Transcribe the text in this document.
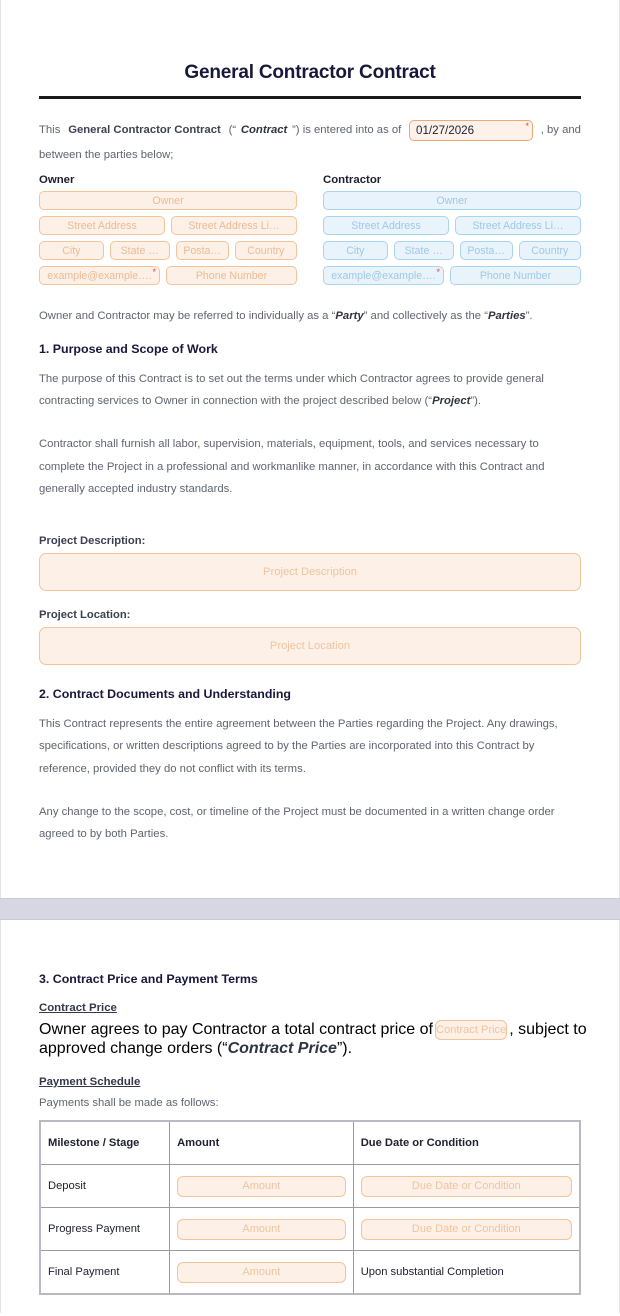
General Contractor Contract
This General Contractor Contract (“ Contract ”) is entered into as of 01/27/2026	* , by and
between the parties below;
Owner
Owner
Street Address	Street Address Li…
City	State …	Posta…	Country
example@example…. *	Phone Number
Contractor
Owner
Street Address	Street Address Li…
City	State …	Posta…	Country
example@example…. *	Phone Number

Owner and Contractor may be referred to individually as a “Party” and collectively as the “Parties”.

1. Purpose and Scope of Work

The purpose of this Contract is to set out the terms under which Contractor agrees to provide general
contracting services to Owner in connection with the project described below (“Project”).

Contractor shall furnish all labor, supervision, materials, equipment, tools, and services necessary to
complete the Project in a professional and workmanlike manner, in accordance with this Contract and
generally accepted industry standards.

Project Description:
Project Description
Project Location:
Project Location
2. Contract Documents and Understanding

This Contract represents the entire agreement between the Parties regarding the Project. Any drawings,
specifications, or written descriptions agreed to by the Parties are incorporated into this Contract by
reference, provided they do not conflict with its terms.

Any change to the scope, cost, or timeline of the Project must be documented in a written change order
agreed to by both Parties.

3. Contract Price and Payment Terms
Contract Price
Owner agrees to pay Contractor a total contract price of Contract Price , subject to
approved change orders (“Contract Price”).
Payment Schedule

Payments shall be made as follows:

Milestone / Stage	Amount	Due Date or Condition
Deposit	Amount	Due Date or Condition

Progress Payment	Amount	Due Date or Condition

Final Payment	Amount	Upon substantial Completion
